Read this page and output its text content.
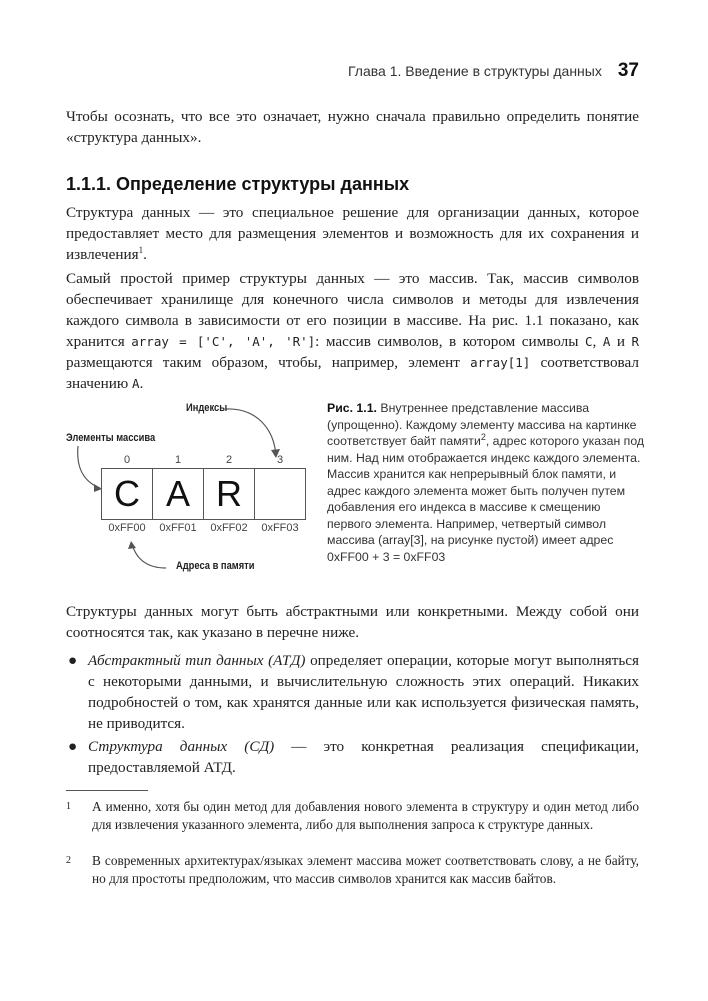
Глава 1. Введение в структуры данных 37

Чтобы осознать, что все это означает, нужно сначала правильно определить понятие «структура данных».

1.1.1. Определение структуры данных

Структура данных — это специальное решение для организации данных, которое предоставляет место для размещения элементов и возможность для их сохранения и извлечения$^1$.

Самый простой пример структуры данных — это массив. Так, массив символов обеспечивает хранилище для конечного числа символов и методы для извлечения каждого символа в зависимости от его позиции в массиве. На рис. 1.1 показано, как хранится array = ['C', 'A', 'R']: массив символов, в котором символы C, A и R размещаются таким образом, чтобы, например, элемент array[1] соответствовал значению A.

Индексы
Элементы массива
Адреса в памяти
0	1	2	3
C A R
0xFF00	0xFF01	0xFF02	0xFF03
Рис. 1.1. Внутреннее представление массива (упрощенно). Каждому элементу массива на картинке соответствует байт памяти$^2$, адрес которого указан под ним. Над ним отображается индекс каждого элемента. Массив хранится как непрерывный блок памяти, и адрес каждого элемента может быть получен путем добавления его индекса в массиве к смещению первого элемента. Например, четвертый символ массива (array[3], на рисунке пустой) имеет адрес 0xFF00 + 3 = 0xFF03

Структуры данных могут быть абстрактными или конкретными. Между собой они соотносятся так, как указано в перечне ниже.

● Абстрактный тип данных (АТД) определяет операции, которые могут выполняться с некоторыми данными, и вычислительную сложность этих операций. Никаких подробностей о том, как хранятся данные или как используется физическая память, не приводится.
● Структура данных (СД) — это конкретная реализация спецификации, предоставляемой АТД.
1 А именно, хотя бы один метод для добавления нового элемента в структуру и один метод либо для извлечения указанного элемента, либо для выполнения запроса к структуре данных.
2 В современных архитектурах/языках элемент массива может соответствовать слову, а не байту, но для простоты предположим, что массив символов хранится как массив байтов.
